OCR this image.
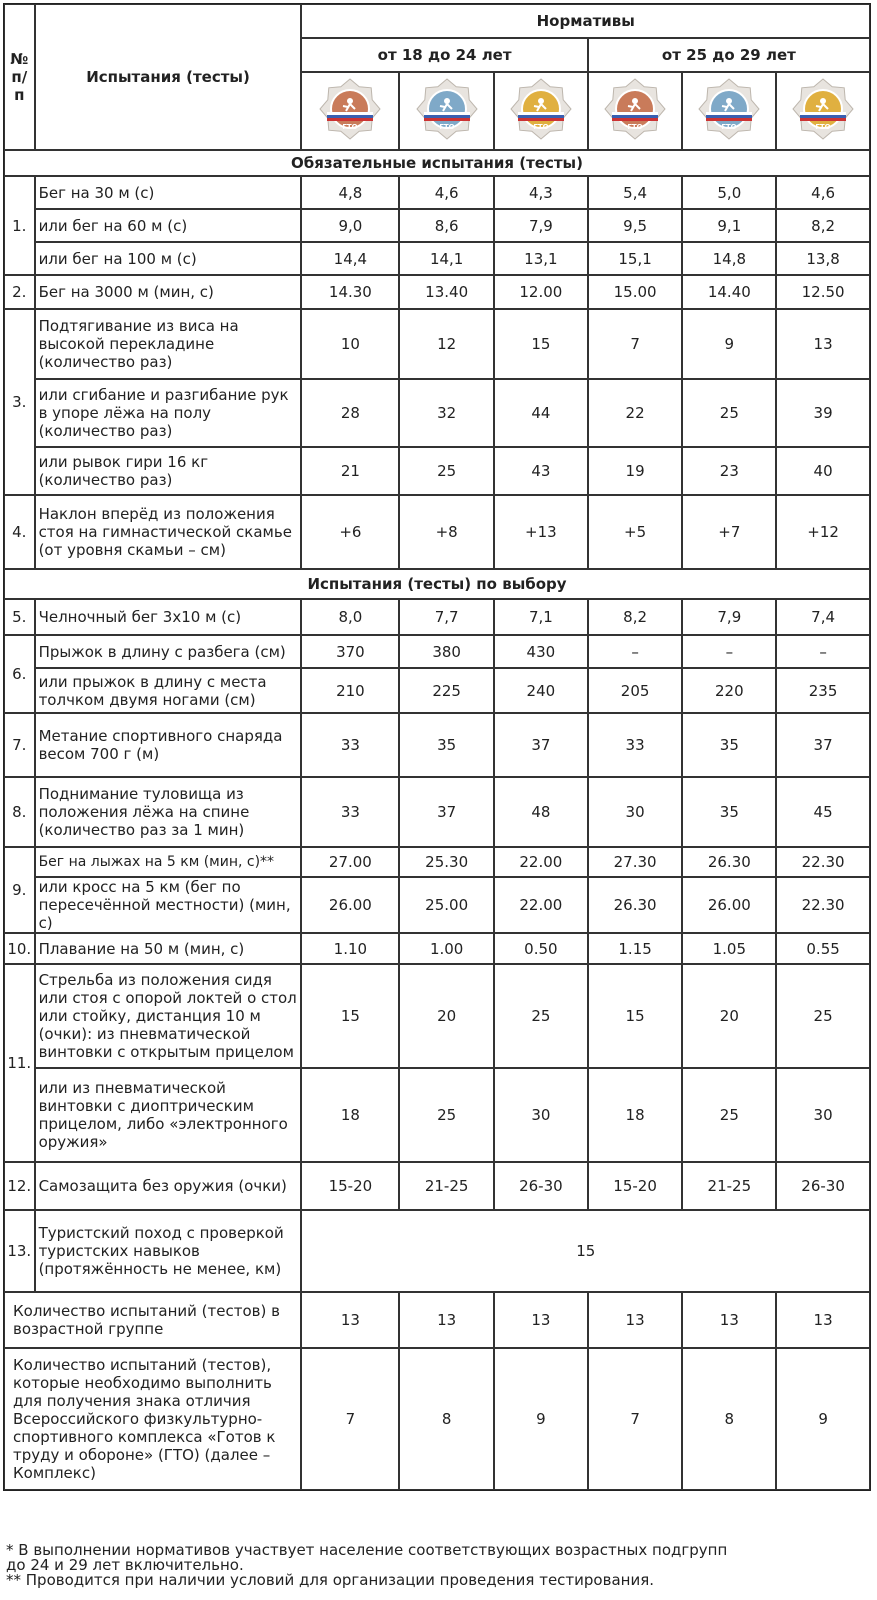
№ п/п	Испытания (тесты)	Нормативы					
		от 18 до 24 лет			от 25 до 29 лет		

ГТО	ГТО	ГТО	ГТО	ГТО	ГТО

Обязательные испытания (тесты)							
1.	Бег на 30 м (с)	4,8	4,6	4,3	5,4	5,0	4,6
	или бег на 60 м (с)	9,0	8,6	7,9	9,5	9,1	8,2
	или бег на 100 м (с)	14,4	14,1	13,1	15,1	14,8	13,8
2.	Бег на 3000 м (мин, с)	14.30	13.40	12.00	15.00	14.40	12.50
3.	Подтягивание из виса на высокой перекладине (количество раз)	10	12	15	7	9	13
	или сгибание и разгибание рук в упоре лёжа на полу (количество раз)	28	32	44	22	25	39
	или рывок гири 16 кг (количество раз)	21	25	43	19	23	40
4.	Наклон вперёд из положения стоя на гимнастической скамье (от уровня скамьи – см)	+6	+8	+13	+5	+7	+12
Испытания (тесты) по выбору							
5.	Челночный бег 3х10 м (с)	8,0	7,7	7,1	8,2	7,9	7,4
6.	Прыжок в длину с разбега (см)	370	380	430	–	–	–
	или прыжок в длину с места толчком двумя ногами (см)	210	225	240	205	220	235
7.	Метание спортивного снаряда весом 700 г (м)	33	35	37	33	35	37
8.	Поднимание туловища из положения лёжа на спине (количество раз за 1 мин)	33	37	48	30	35	45
9.	Бег на лыжах на 5 км (мин, с)**	27.00	25.30	22.00	27.30	26.30	22.30
	или кросс на 5 км (бег по пересечённой местности) (мин, с)	26.00	25.00	22.00	26.30	26.00	22.30
10.	Плавание на 50 м (мин, с)	1.10	1.00	0.50	1.15	1.05	0.55
11.	Стрельба из положения сидя или стоя с опорой локтей о стол или стойку, дистанция 10 м (очки): из пневматической винтовки с открытым прицелом	15	20	25	15	20	25
	или из пневматической винтовки с диоптрическим прицелом, либо «электронного оружия»	18	25	30	18	25	30
12.	Самозащита без оружия (очки)	15-20	21-25	26-30	15-20	21-25	26-30
13.	Туристский поход с проверкой туристских навыков (протяжённость не менее, км)	15					
Количество испытаний (тестов) в возрастной группе		13	13	13	13	13	13
Количество испытаний (тестов), которые необходимо выполнить для получения знака отличия Всероссийского физкультурно-спортивного комплекса «Готов к труду и обороне» (ГТО) (далее – Комплекс)		7	8	9	7	8	9
* В выполнении нормативов участвует население соответствующих возрастных подгрупп
до 24 и 29 лет включительно.
** Проводится при наличии условий для организации проведения тестирования.
